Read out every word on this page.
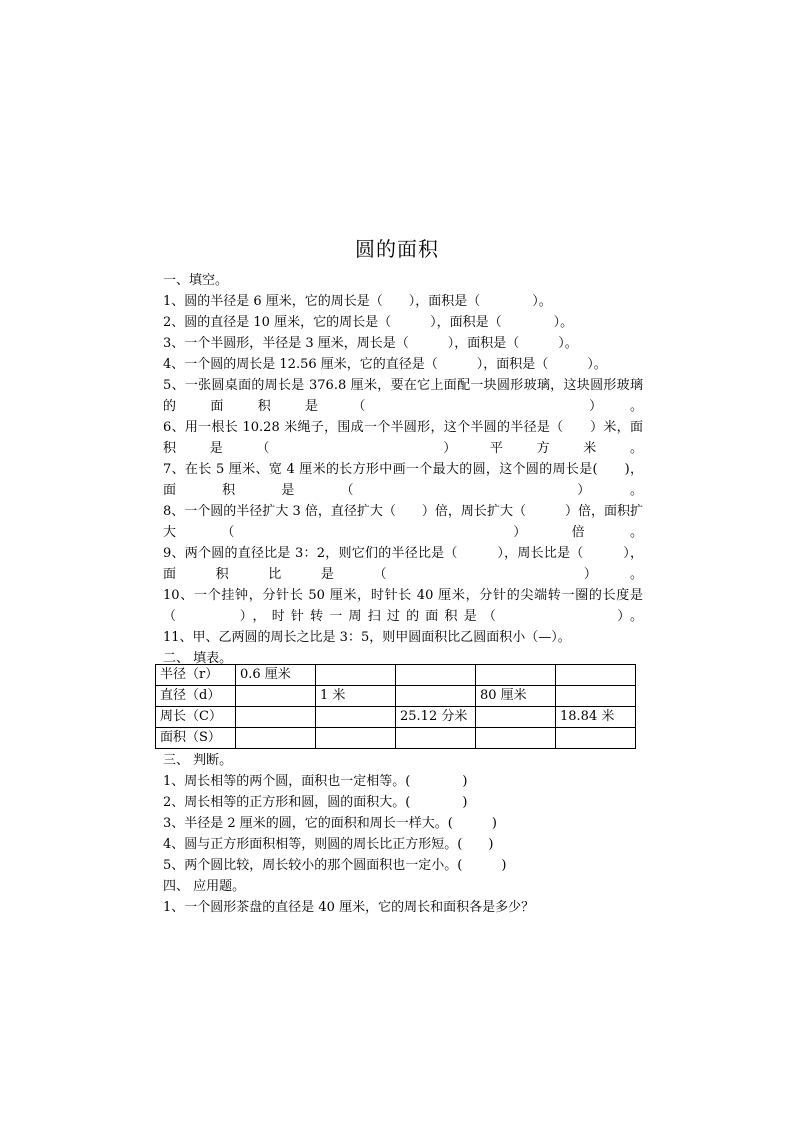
圆的面积
一、填空。
1、圆的半径是 6 厘米，它的周长是（　　），面积是（　　　　）。
2、圆的直径是 10 厘米，它的周长是（　　　），面积是（　　　　）。
3、一个半圆形，半径是 3 厘米，周长是（　　　），面积是（　　　）。
4、一个圆的周长是 12.56 厘米，它的直径是（　　　），面积是（　　　）。
5、一张圆桌面的周长是 376.8 厘米，要在它上面配一块圆形玻璃，这块圆形玻璃的面积是（　　　　）。
6、用一根长 10.28 米绳子，围成一个半圆形，这个半圆的半径是（　　）米，面积是（　　　）平方米。
7、在长 5 厘米、宽 4 厘米的长方形中画一个最大的圆，这个圆的周长是(　　)，面积是（　　　）。
8、一个圆的半径扩大 3 倍，直径扩大（　　）倍，周长扩大（　　　）倍，面积扩大（　　　　）倍。
9、两个圆的直径比是 3：2，则它们的半径比是（　　　），周长比是（　　　），面积比是（　　　）。
10、一个挂钟，分针长 50 厘米，时针长 40 厘米，分针的尖端转一圈的长度是（　　　），时针转一周扫过的面积是（　　　　　　）。
11、甲、乙两圆的周长之比是 3：5，则甲圆面积比乙圆面积小（—）。
二、 填表。
半径（r）	0.6 厘米				
直径（d）		1 米		80 厘米	
周长（C）			25.12 分米		18.84 米
面积（S）					
三、 判断。
1、周长相等的两个圆，面积也一定相等。(　　　　)
2、周长相等的正方形和圆，圆的面积大。(　　　　)
3、半径是 2 厘米的圆，它的面积和周长一样大。(　　　)
4、圆与正方形面积相等，则圆的周长比正方形短。(　　)
5、两个圆比较，周长较小的那个圆面积也一定小。(　　　)
四、 应用题。
1、一个圆形茶盘的直径是 40 厘米，它的周长和面积各是多少？
